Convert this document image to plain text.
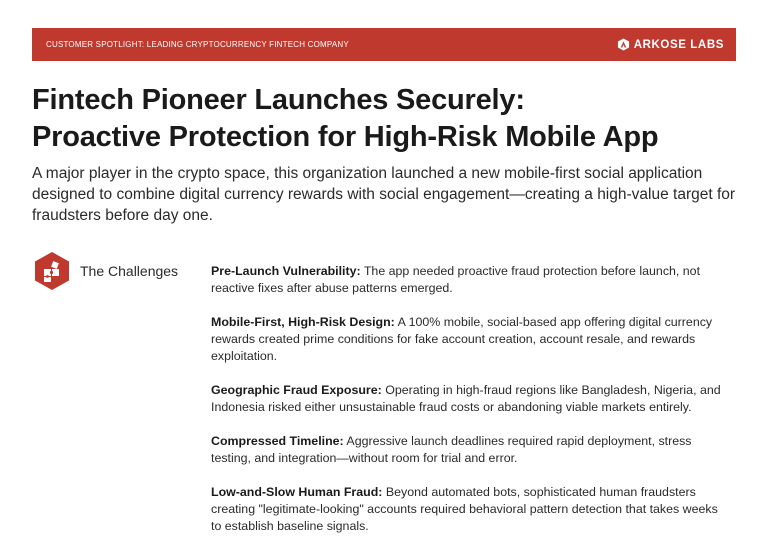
CUSTOMER SPOTLIGHT: LEADING CRYPTOCURRENCY FINTECH COMPANY	ARKOSE LABS
Fintech Pioneer Launches Securely:
Proactive Protection for High-Risk Mobile App

A major player in the crypto space, this organization launched a new mobile-first social application designed to combine digital currency rewards with social engagement—creating a high-value target for fraudsters before day one.

The Challenges	Pre-Launch Vulnerability: The app needed proactive fraud protection before launch, not reactive fixes after abuse patterns emerged.

Mobile-First, High-Risk Design: A 100% mobile, social-based app offering digital currency rewards created prime conditions for fake account creation, account resale, and rewards exploitation.

Geographic Fraud Exposure: Operating in high-fraud regions like Bangladesh, Nigeria, and Indonesia risked either unsustainable fraud costs or abandoning viable markets entirely.

Compressed Timeline: Aggressive launch deadlines required rapid deployment, stress testing, and integration—without room for trial and error.

Low-and-Slow Human Fraud: Beyond automated bots, sophisticated human fraudsters creating "legitimate-looking" accounts required behavioral pattern detection that takes weeks to establish baseline signals.
